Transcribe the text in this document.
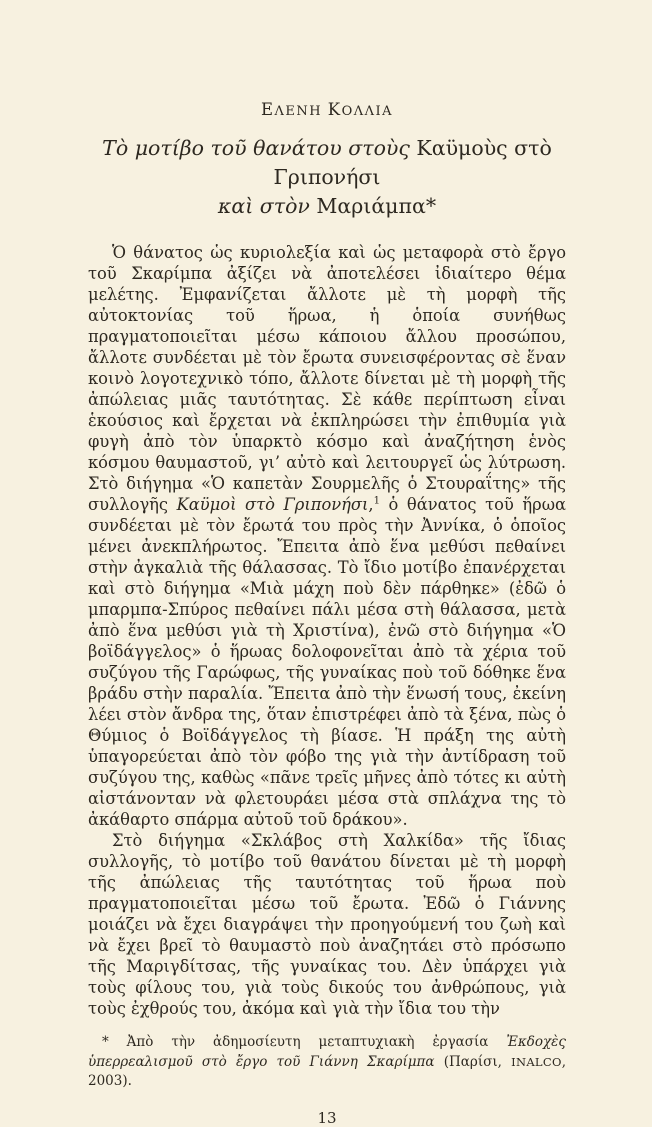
ΕΛΕΝΗ ΚΟΛΛΙΑ
Τὸ μοτίβο τοῦ θανάτου στοὺς Καϋμοὺς στὸ Γριπονήσι
καὶ στὸν Μαριάμπα*

Ὁ θάνατος ὡς κυριολεξία καὶ ὡς μεταφορὰ στὸ ἔργο τοῦ Σκαρίμπα ἀξίζει νὰ ἀποτελέσει ἰδιαίτερο θέμα μελέτης. Ἐμφανίζεται ἄλλοτε μὲ τὴ μορφὴ τῆς αὐτοκτονίας τοῦ ἥρωα, ἡ ὁποία συνήθως πραγματοποιεῖται μέσω κάποιου ἄλλου προσώπου, ἄλλοτε συνδέεται μὲ τὸν ἔρωτα συνεισφέροντας σὲ ἕναν κοινὸ λογοτεχνικὸ τόπο, ἄλλοτε δίνεται μὲ τὴ μορφὴ τῆς ἀπώλειας μιᾶς ταυτότητας. Σὲ κάθε περίπτωση εἶναι ἑκούσιος καὶ ἔρχεται νὰ ἐκπληρώσει τὴν ἐπιθυμία γιὰ φυγὴ ἀπὸ τὸν ὑπαρκτὸ κόσμο καὶ ἀναζήτηση ἑνὸς κόσμου θαυμαστοῦ, γι’ αὐτὸ καὶ λειτουργεῖ ὡς λύτρωση. Στὸ διήγημα «Ὁ καπετὰν Σουρμελῆς ὁ Στουραΐτης» τῆς συλλογῆς Καϋμοὶ στὸ Γριπονήσι,$^1$ ὁ θάνατος τοῦ ἥρωα συνδέεται μὲ τὸν ἔρωτά του πρὸς τὴν Ἀννίκα, ὁ ὁποῖος μένει ἀνεκπλήρωτος. Ἔπειτα ἀπὸ ἕνα μεθύσι πεθαίνει στὴν ἀγκαλιὰ τῆς θάλασσας. Τὸ ἴδιο μοτίβο ἐπανέρχεται καὶ στὸ διήγημα «Μιὰ μάχη ποὺ δὲν πάρθηκε» (ἐδῶ ὁ μπαρμπα-Σπύρος πεθαίνει πάλι μέσα στὴ θάλασσα, μετὰ ἀπὸ ἕνα μεθύσι γιὰ τὴ Χριστίνα), ἐνῶ στὸ διήγημα «Ὁ βοϊδάγγελος» ὁ ἥρωας δολοφονεῖται ἀπὸ τὰ χέρια τοῦ συζύγου τῆς Γαρώφως, τῆς γυναίκας ποὺ τοῦ δόθηκε ἕνα βράδυ στὴν παραλία. Ἔπειτα ἀπὸ τὴν ἕνωσή τους, ἐκείνη λέει στὸν ἄνδρα της, ὅταν ἐπιστρέφει ἀπὸ τὰ ξένα, πὼς ὁ Θύμιος ὁ Βοϊδάγγελος τὴ βίασε. Ἡ πράξη της αὐτὴ ὑπαγορεύεται ἀπὸ τὸν φόβο της γιὰ τὴν ἀντίδραση τοῦ συζύγου της, καθὼς «πᾶνε τρεῖς μῆνες ἀπὸ τότες κι αὐτὴ αἰστάνονταν νὰ φλετουράει μέσα στὰ σπλάχνα της τὸ ἀκάθαρτο σπάρμα αὐτοῦ τοῦ δράκου».

Στὸ διήγημα «Σκλάβος στὴ Χαλκίδα» τῆς ἴδιας συλλογῆς, τὸ μοτίβο τοῦ θανάτου δίνεται μὲ τὴ μορφὴ τῆς ἀπώλειας τῆς ταυτότητας τοῦ ἥρωα ποὺ πραγματοποιεῖται μέσω τοῦ ἔρωτα. Ἐδῶ ὁ Γιάννης μοιάζει νὰ ἔχει διαγράψει τὴν προηγούμενή του ζωὴ καὶ νὰ ἔχει βρεῖ τὸ θαυμαστὸ ποὺ ἀναζητάει στὸ πρόσωπο τῆς Μαριγδίτσας, τῆς γυναίκας του. Δὲν ὑπάρχει γιὰ τοὺς φίλους του, γιὰ τοὺς δικούς του ἀνθρώπους, γιὰ τοὺς ἐχθρούς του, ἀκόμα καὶ γιὰ τὴν ἴδια του τὴν

* Ἀπὸ τὴν ἀδημοσίευτη μεταπτυχιακὴ ἐργασία Ἐκδοχὲς ὑπερρεαλισμοῦ στὸ ἔργο τοῦ Γιάννη Σκαρίμπα (Παρίσι, INALCO, 2003).
13
